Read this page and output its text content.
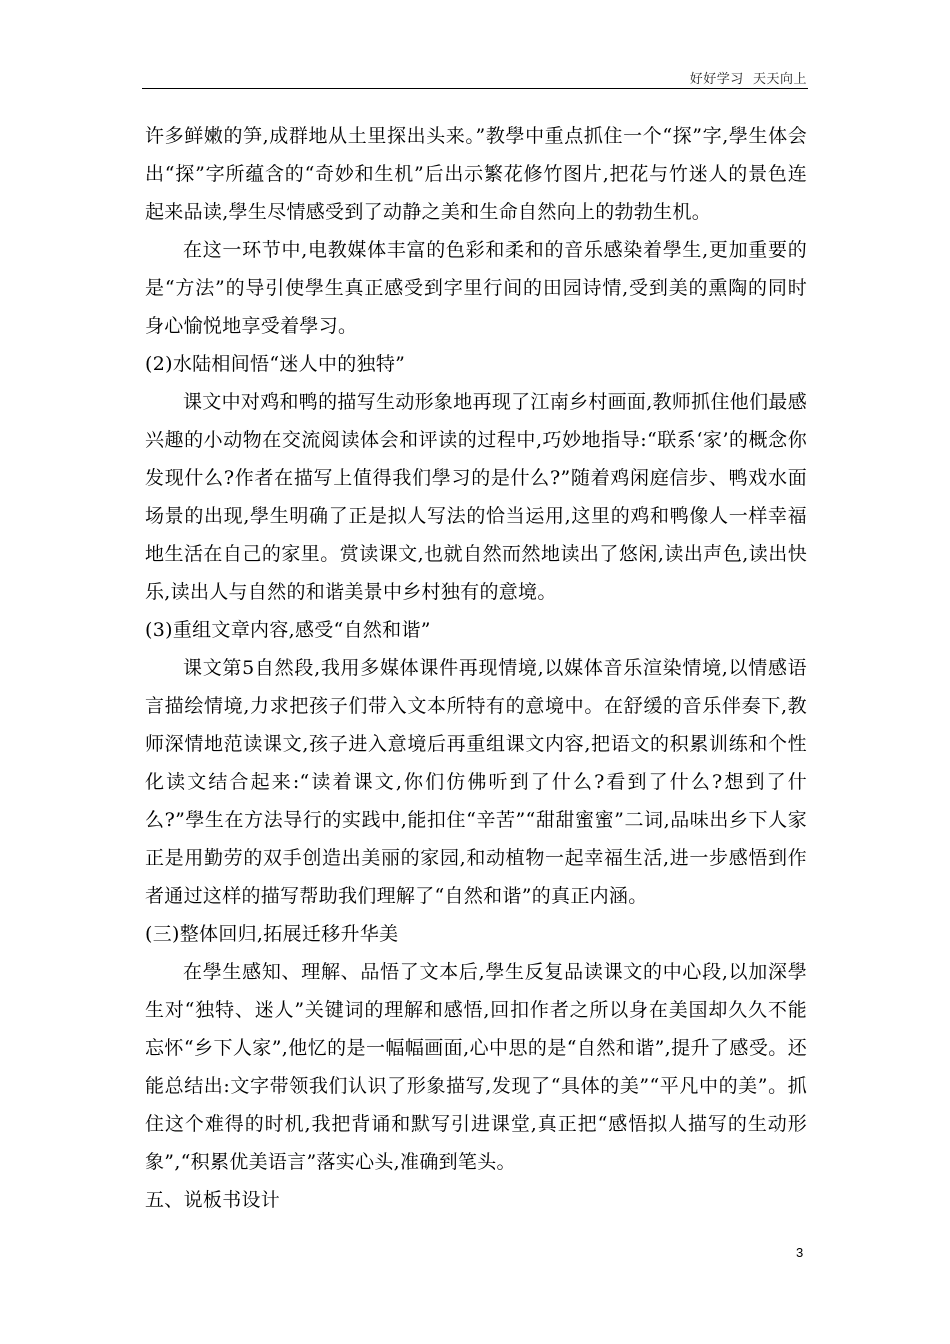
好好学习  天天向上

许多鲜嫩的笋,成群地从土里探出头来。”教學中重点抓住一个“探”字,學生体会出“探”字所蕴含的“奇妙和生机”后出示繁花修竹图片,把花与竹迷人的景色连起来品读,學生尽情感受到了动静之美和生命自然向上的勃勃生机。

在这一环节中,电教媒体丰富的色彩和柔和的音乐感染着學生,更加重要的是“方法”的导引使學生真正感受到字里行间的田园诗情,受到美的熏陶的同时身心愉悦地享受着學习。

(2)水陆相间悟“迷人中的独特”

课文中对鸡和鸭的描写生动形象地再现了江南乡村画面,教师抓住他们最感兴趣的小动物在交流阅读体会和评读的过程中,巧妙地指导:“联系‘家’的概念你发现什么?作者在描写上值得我们學习的是什么?”随着鸡闲庭信步、鸭戏水面场景的出现,學生明确了正是拟人写法的恰当运用,这里的鸡和鸭像人一样幸福地生活在自己的家里。赏读课文,也就自然而然地读出了悠闲,读出声色,读出快乐,读出人与自然的和谐美景中乡村独有的意境。

(3)重组文章内容,感受“自然和谐”

课文第5自然段,我用多媒体课件再现情境,以媒体音乐渲染情境,以情感语言描绘情境,力求把孩子们带入文本所特有的意境中。在舒缓的音乐伴奏下,教师深情地范读课文,孩子进入意境后再重组课文内容,把语文的积累训练和个性化读文结合起来:“读着课文,你们仿佛听到了什么?看到了什么?想到了什么?”學生在方法导行的实践中,能扣住“辛苦”“甜甜蜜蜜”二词,品味出乡下人家正是用勤劳的双手创造出美丽的家园,和动植物一起幸福生活,进一步感悟到作者通过这样的描写帮助我们理解了“自然和谐”的真正内涵。

(三)整体回归,拓展迁移升华美

在學生感知、理解、品悟了文本后,學生反复品读课文的中心段,以加深學生对“独特、迷人”关键词的理解和感悟,回扣作者之所以身在美国却久久不能忘怀“乡下人家”,他忆的是一幅幅画面,心中思的是“自然和谐”,提升了感受。还能总结出:文字带领我们认识了形象描写,发现了“具体的美”“平凡中的美”。抓住这个难得的时机,我把背诵和默写引进课堂,真正把“感悟拟人描写的生动形象”,“积累优美语言”落实心头,准确到笔头。

五、说板书设计

3
